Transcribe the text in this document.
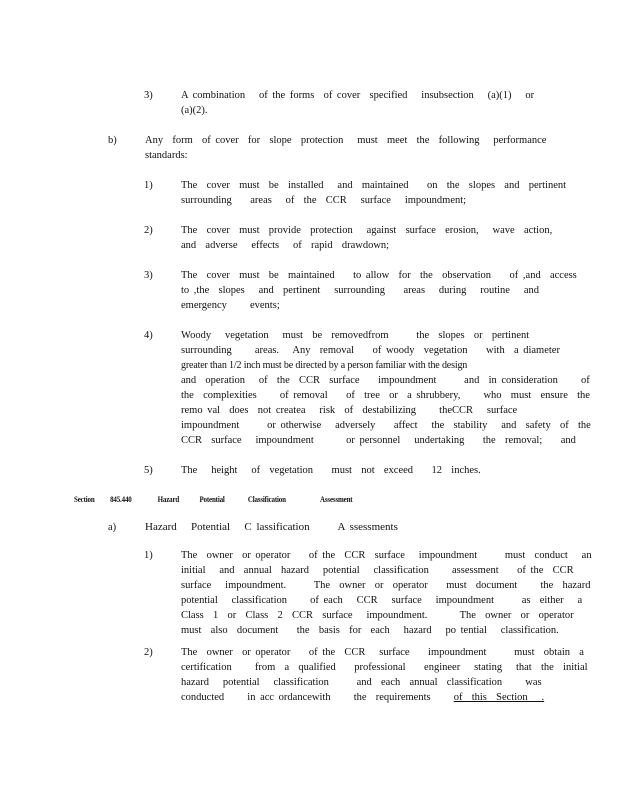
3)	A combination   of the forms  of cover  specified   insubsection   (a)(1)   or
(a)(2).
b)	Any  form  of cover  for  slope  protection   must  meet  the  following   performance
standards:
1)	The  cover  must  be  installed   and  maintained    on  the  slopes  and  pertinent
surrounding    areas   of  the  CCR   surface   impoundment;
2)	The  cover  must  provide  protection   against  surface  erosion,   wave  action,
and  adverse   effects   of  rapid  drawdown;
3)	The  cover  must  be  maintained    to allow  for  the  observation    of ,and  access
to ,the  slopes   and  pertinent   surrounding    areas   during   routine   and
emergency     events;
4)	Woody   vegetation   must  be  removedfrom      the  slopes  or  pertinent
surrounding     areas.   Any  removal    of woody  vegetation    with  a diameter
greater than 1/2 inch must be directed by a person familiar with the design
and  operation   of  the  CCR  surface    impoundment      and  in consideration     of
the  complexities     of removal    of  tree  or  a shrubbery,     who  must  ensure  the
remo val  does  not createa   risk  of  destabilizing     theCCR   surface
impoundment      or otherwise   adversely    affect   the  stability   and  safety  of  the
CCR  surface   impoundment       or personnel   undertaking    the  removal;    and
5)	The   height   of  vegetation    must  not  exceed    12  inches.
Section 845.440	Hazard Potential	Classification	Assessment
a)	Hazard   Potential   C lassification      A ssessments
1)	The  owner  or operator    of the  CCR  surface   impoundment      must  conduct   an
initial   and  annual  hazard   potential   classification     assessment    of the  CCR
surface   impoundment.      The  owner  or  operator    must  document     the  hazard
potential   classification     of each   CCR   surface   impoundment      as  either   a
Class  1  or  Class  2  CCR  surface   impoundment.       The  owner  or  operator
must  also  document    the  basis  for  each   hazard   po tential   classification.
2)	The  owner  or operator    of the  CCR   surface    impoundment      must  obtain  a
certification     from  a  qualified    professional    engineer   stating   that  the  initial
hazard   potential   classification      and  each  annual  classification     was
conducted     in acc ordancewith     the  requirements of  this  Section   .
